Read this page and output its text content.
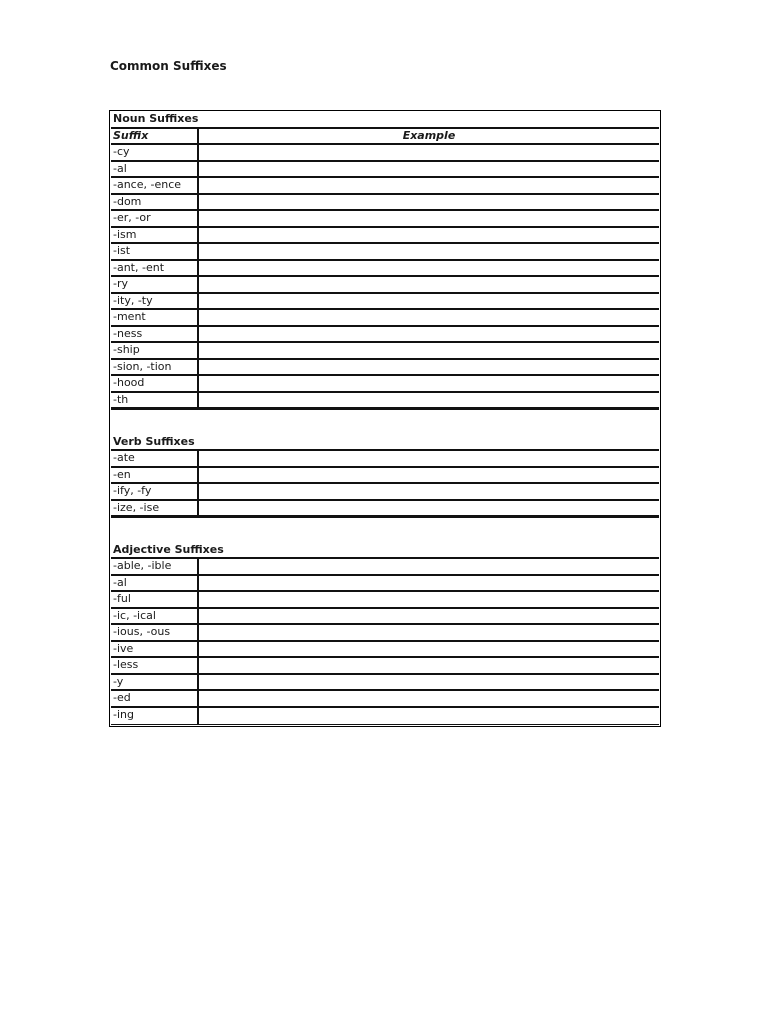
Common Suffixes
Noun Suffixes
Suffix	Example
-cy
-al
-ance, -ence
-dom
-er, -or
-ism
-ist
-ant, -ent
-ry
-ity, -ty
-ment
-ness
-ship
-sion, -tion
-hood
-th
Verb Suffixes
-ate
-en
-ify, -fy
-ize, -ise
Adjective Suffixes
-able, -ible
-al
-ful
-ic, -ical
-ious, -ous
-ive
-less
-y
-ed
-ing
